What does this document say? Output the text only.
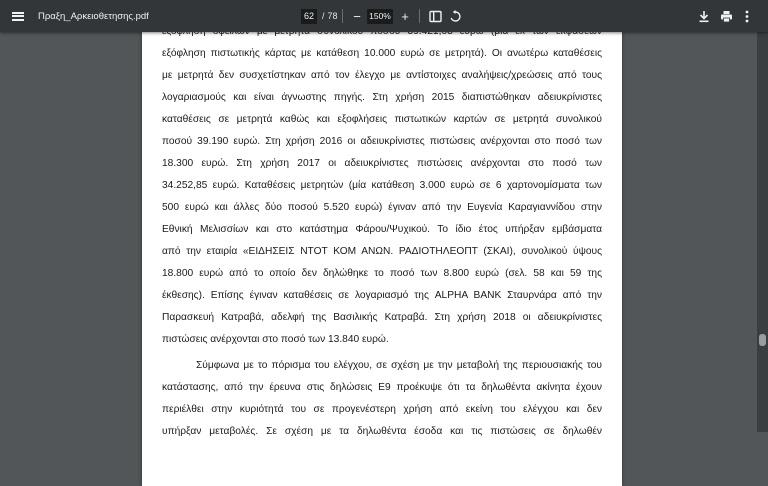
Πραξη_Αρκειοθετησης.pdf
62	/ 78	−
150%	+
εξόφληση πιστωτικής κάρτας με κατάθεση 10.000 ευρώ σε μετρητά). Οι ανωτέρω καταθέσεις
με μετρητά δεν συσχετίστηκαν από τον έλεγχο με αντίστοιχες αναλήψεις/χρεώσεις από τους
λογαριασμούς και είναι άγνωστης πηγής. Στη χρήση 2015 διαπιστώθηκαν αδειυκρίνιστες
καταθέσεις σε μετρητά καθώς και εξοφλήσεις πιστωτικών καρτών σε μετρητά συνολικού
ποσού 39.190 ευρώ. Στη χρήση 2016 οι αδειυκρίνιστες πιστώσεις ανέρχονται στο ποσό των
18.300 ευρώ. Στη χρήση 2017 οι αδειυκρίνιστες πιστώσεις ανέρχονται στο ποσό των
34.252,85 ευρώ. Καταθέσεις μετρητών (μία κατάθεση 3.000 ευρώ σε 6 χαρτονομίσματα των
500 ευρώ και άλλες δύο ποσού 5.520 ευρώ) έγιναν από την Ευγενία Καραγιαννίδου στην
Εθνική Μελισσίων και στο κατάστημα Φάρου/Ψυχικού. Το ίδιο έτος υπήρξαν εμβάσματα
από την εταιρία «ΕΙΔΗΣΕΙΣ ΝΤΟΤ ΚΟΜ ΑΝΩΝ. ΡΑΔΙΟΤΗΛΕΟΠΤ (ΣΚΑΙ), συνολικού ύψους
18.800 ευρώ από το οποίο δεν δηλώθηκε το ποσό των 8.800 ευρώ (σελ. 58 και 59 της
έκθεσης). Επίσης έγιναν καταθέσεις σε λογαριασμό της ALPHA BANK Σταυρνάρα από την
Παρασκευή Κατραβά, αδελφή της Βασιλικής Κατραβά. Στη χρήση 2018 οι αδειυκρίνιστες
πιστώσεις ανέρχονται στο ποσό των 13.840 ευρώ.
Σύμφωνα με το πόρισμα του ελέγχου, σε σχέση με την μεταβολή της περιουσιακής του
κατάστασης, από την έρευνα στις δηλώσεις Ε9 προέκυψε ότι τα δηλωθέντα ακίνητα έχουν
περιέλθει στην κυριότητά του σε προγενέστερη χρήση από εκείνη του ελέγχου και δεν
υπήρξαν μεταβολές. Σε σχέση με τα δηλωθέντα έσοδα και τις πιστώσεις σε δηλωθέν
